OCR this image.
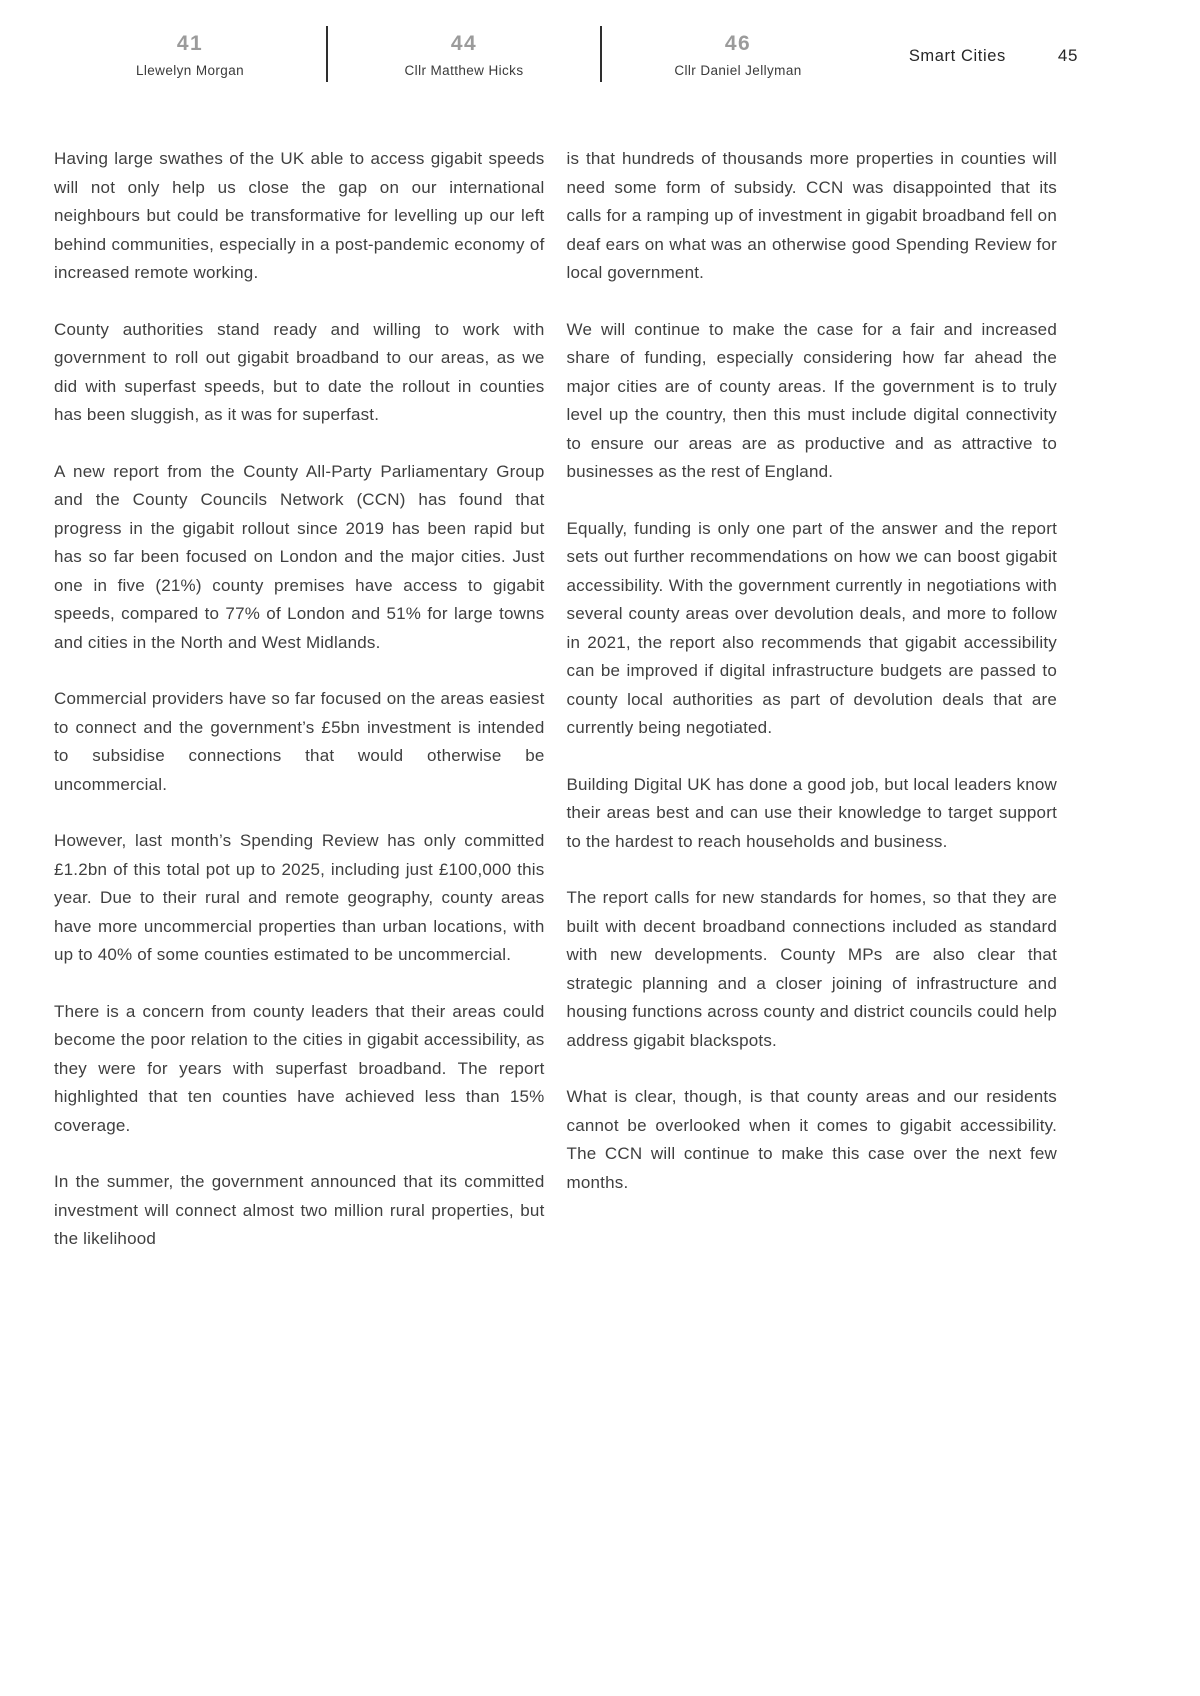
41
Llewelyn Morgan
44
Cllr Matthew Hicks
46
Cllr Daniel Jellyman
Smart Cities	45

Having large swathes of the UK able to access gigabit speeds will not only help us close the gap on our international neighbours but could be transformative for levelling up our left behind communities, especially in a post-pandemic economy of increased remote working.

County authorities stand ready and willing to work with government to roll out gigabit broadband to our areas, as we did with superfast speeds, but to date the rollout in counties has been sluggish, as it was for superfast.

A new report from the County All-Party Parliamentary Group and the County Councils Network (CCN) has found that progress in the gigabit rollout since 2019 has been rapid but has so far been focused on London and the major cities. Just one in five (21%) county premises have access to gigabit speeds, compared to 77% of London and 51% for large towns and cities in the North and West Midlands.

Commercial providers have so far focused on the areas easiest to connect and the government’s £5bn investment is intended to subsidise connections that would otherwise be uncommercial.

However, last month’s Spending Review has only committed £1.2bn of this total pot up to 2025, including just £100,000 this year. Due to their rural and remote geography, county areas have more uncommercial properties than urban locations, with up to 40% of some counties estimated to be uncommercial.

There is a concern from county leaders that their areas could become the poor relation to the cities in gigabit accessibility, as they were for years with superfast broadband. The report highlighted that ten counties have achieved less than 15% coverage.

In the summer, the government announced that its committed investment will connect almost two million rural properties, but the likelihood

is that hundreds of thousands more properties in counties will need some form of subsidy. CCN was disappointed that its calls for a ramping up of investment in gigabit broadband fell on deaf ears on what was an otherwise good Spending Review for local government.

We will continue to make the case for a fair and increased share of funding, especially considering how far ahead the major cities are of county areas. If the government is to truly level up the country, then this must include digital connectivity to ensure our areas are as productive and as attractive to businesses as the rest of England.

Equally, funding is only one part of the answer and the report sets out further recommendations on how we can boost gigabit accessibility. With the government currently in negotiations with several county areas over devolution deals, and more to follow in 2021, the report also recommends that gigabit accessibility can be improved if digital infrastructure budgets are passed to county local authorities as part of devolution deals that are currently being negotiated.

Building Digital UK has done a good job, but local leaders know their areas best and can use their knowledge to target support to the hardest to reach households and business.

The report calls for new standards for homes, so that they are built with decent broadband connections included as standard with new developments. County MPs are also clear that strategic planning and a closer joining of infrastructure and housing functions across county and district councils could help address gigabit blackspots.

What is clear, though, is that county areas and our residents cannot be overlooked when it comes to gigabit accessibility. The CCN will continue to make this case over the next few months.
